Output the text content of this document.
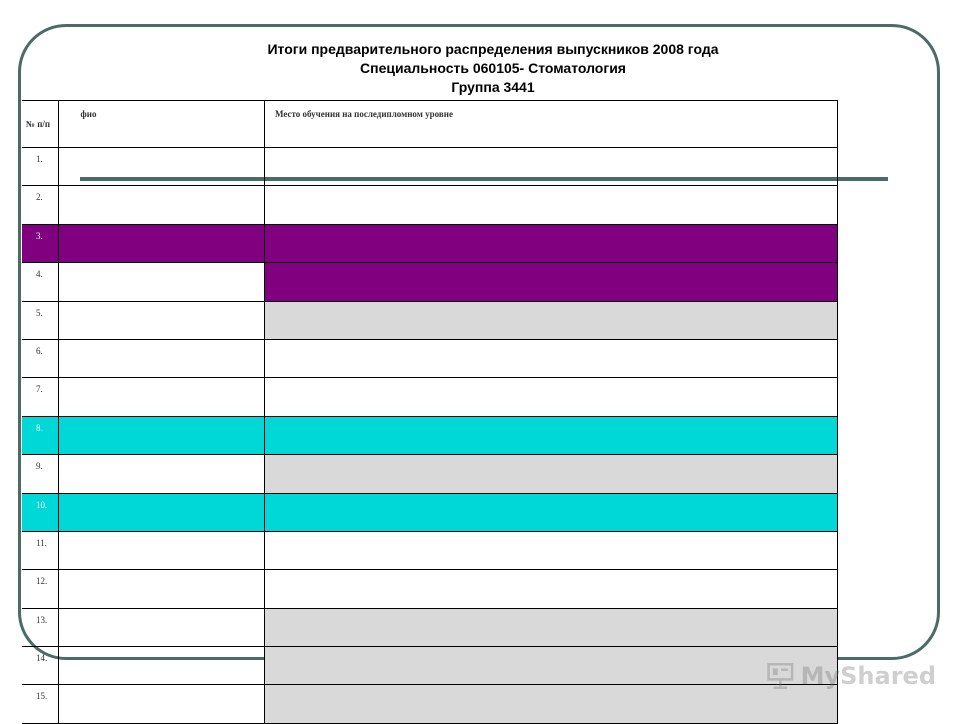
Итоги предварительного распределения выпускников 2008 года
Специальность 060105- Стоматология
Группа 3441
№ п/п
фио	Место обучения на последипломном уровне
1.
2.
3.
4.
5.
6.
7.
8.
9.
10.
11.
12.
13.
14.
15.
MyShared
